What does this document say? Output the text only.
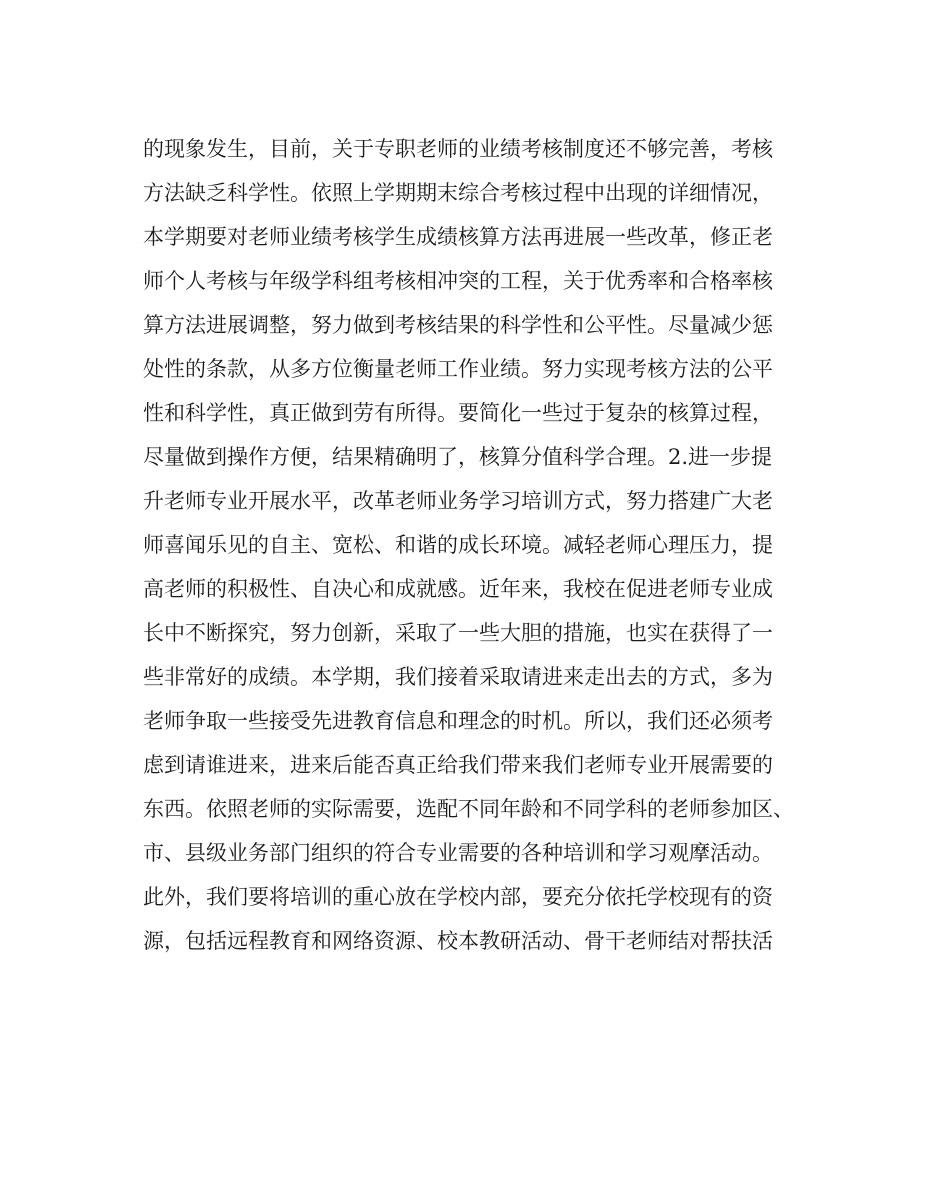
的现象发生，目前，关于专职老师的业绩考核制度还不够完善，考核
方法缺乏科学性。依照上学期期末综合考核过程中出现的详细情况，
本学期要对老师业绩考核学生成绩核算方法再进展一些改革，修正老
师个人考核与年级学科组考核相冲突的工程，关于优秀率和合格率核
算方法进展调整，努力做到考核结果的科学性和公平性。尽量减少惩
处性的条款，从多方位衡量老师工作业绩。努力实现考核方法的公平
性和科学性，真正做到劳有所得。要简化一些过于复杂的核算过程，
尽量做到操作方便，结果精确明了，核算分值科学合理。2.进一步提
升老师专业开展水平，改革老师业务学习培训方式，努力搭建广大老
师喜闻乐见的自主、宽松、和谐的成长环境。减轻老师心理压力，提
高老师的积极性、自决心和成就感。近年来，我校在促进老师专业成
长中不断探究，努力创新，采取了一些大胆的措施，也实在获得了一
些非常好的成绩。本学期，我们接着采取请进来走出去的方式，多为
老师争取一些接受先进教育信息和理念的时机。所以，我们还必须考
虑到请谁进来，进来后能否真正给我们带来我们老师专业开展需要的
东西。依照老师的实际需要，选配不同年龄和不同学科的老师参加区、
市、县级业务部门组织的符合专业需要的各种培训和学习观摩活动。
此外，我们要将培训的重心放在学校内部，要充分依托学校现有的资
源，包括远程教育和网络资源、校本教研活动、骨干老师结对帮扶活
